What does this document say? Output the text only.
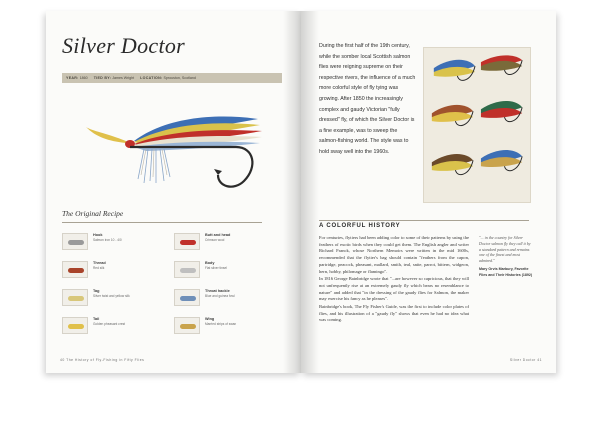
Silver Doctor
YEAR: 1860 TIED BY: James Wright LOCATION: Sprouston, Scotland
The Original Recipe
Hook
Salmon iron 10 - 4/0
Thread
Red silk
Tag
Silver twist and yellow silk
Tail
Golden pheasant crest
Butt and head
Crimson wool
Body
Flat silver tinsel
Throat hackle
Blue and guinea fowl
Wing
Married strips of swan
40 The History of Fly-Fishing in Fifty Flies
During the first half of the 19th century, while the somber local Scottish salmon flies were reigning supreme on their respective rivers, the influence of a much more colorful style of fly tying was growing. After 1850 the increasingly complex and gaudy Victorian "fully dressed" fly, of which the Silver Doctor is a fine example, was to sweep the salmon-fishing world. The style was to hold sway well into the 1960s.
A COLORFUL HISTORY

For centuries, flytiers had been adding color to some of their patterns by using the feathers of exotic birds when they could get them. The English angler and writer Richard Franck, whose Northern Memoirs were written in the mid 1600s, recommended that the flytier's bag should contain "feathers from the capon, partridge, peacock, pheasant, mallard, smith, teal, snite, parrot, bittern, widgeon, hern, hobby, philomage or flamingo".

In 1816 George Bainbridge wrote that "...are however so capricious, that they will not unfrequently rise at an extremely gaudy fly which bears no resemblance to nature" and added that "in the dressing of the gaudy flies for Salmon, the maker may exercise his fancy as he pleases".

Bainbridge's book, The Fly Fisher's Guide, was the first to include color plates of flies, and his illustration of a "gaudy fly" shows that even he had no idea what was coming.

"... in the country for Silver Doctor salmon fly they call it by a standard pattern and remains one of the finest and most admired."
Mary Orvis Marbury, Favorite Flies and Their Histories (1892)
Silver Doctor 41
